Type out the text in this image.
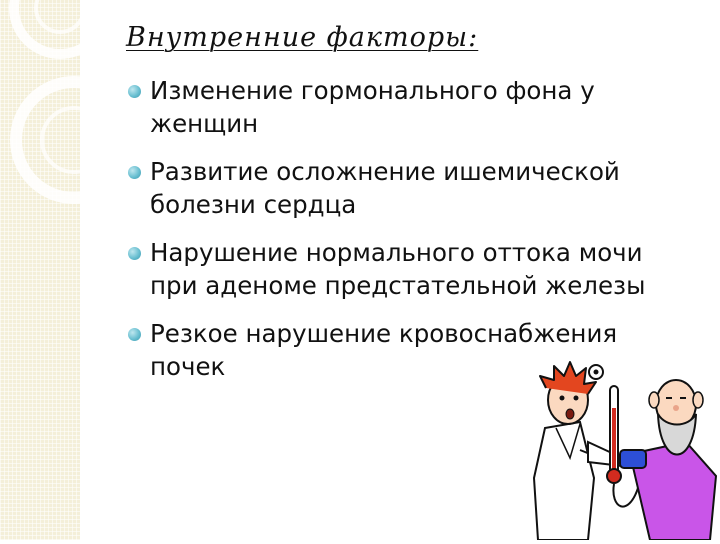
Внутренние факторы:
Изменение гормонального фона у женщин
Развитие осложнение ишемической болезни сердца
Нарушение нормального оттока мочи при аденоме предстательной железы
Резкое нарушение кровоснабжения почек
